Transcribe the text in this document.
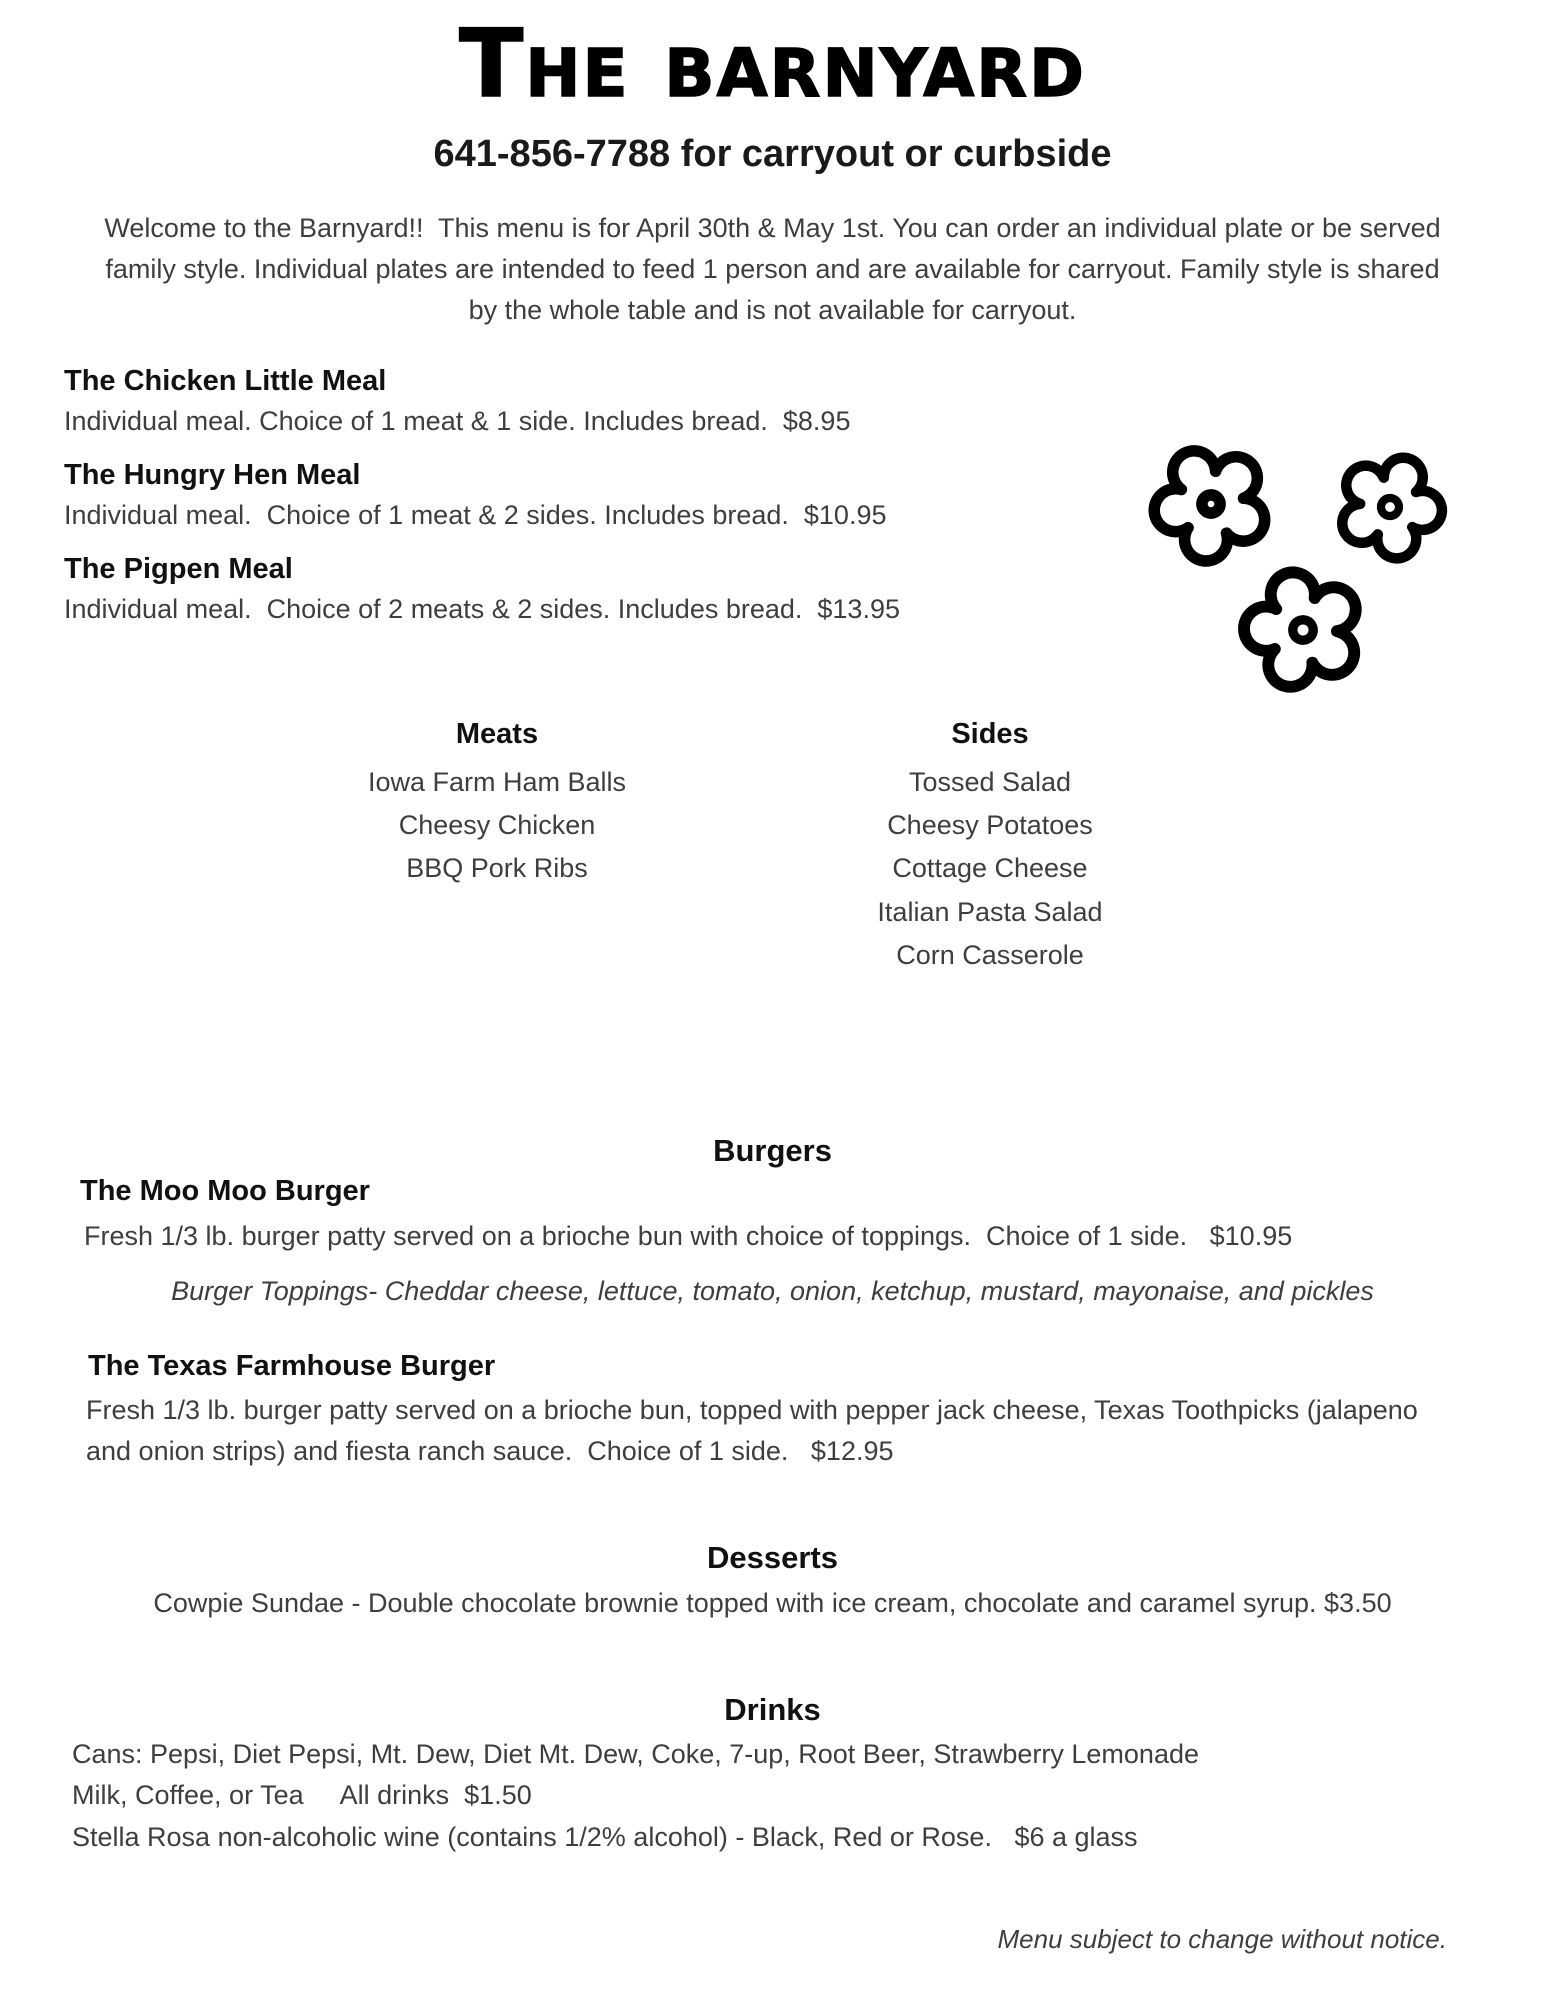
The barnyard
641-856-7788 for carryout or curbside
Welcome to the Barnyard!!  This menu is for April 30th & May 1st. You can order an individual plate or be served family style. Individual plates are intended to feed 1 person and are available for carryout. Family style is shared by the whole table and is not available for carryout.
The Chicken Little Meal
Individual meal. Choice of 1 meat & 1 side. Includes bread.  $8.95
The Hungry Hen Meal
Individual meal.  Choice of 1 meat & 2 sides. Includes bread.  $10.95
The Pigpen Meal
Individual meal.  Choice of 2 meats & 2 sides. Includes bread.  $13.95
Meats
Iowa Farm Ham Balls
Cheesy Chicken
BBQ Pork Ribs
Sides
Tossed Salad
Cheesy Potatoes
Cottage Cheese
Italian Pasta Salad
Corn Casserole
Burgers
The Moo Moo Burger
Fresh 1/3 lb. burger patty served on a brioche bun with choice of toppings.  Choice of 1 side.   $10.95
Burger Toppings- Cheddar cheese, lettuce, tomato, onion, ketchup, mustard, mayonaise, and pickles
The Texas Farmhouse Burger
Fresh 1/3 lb. burger patty served on a brioche bun, topped with pepper jack cheese, Texas Toothpicks (jalapeno and onion strips) and fiesta ranch sauce.  Choice of 1 side.   $12.95
Desserts
Cowpie Sundae - Double chocolate brownie topped with ice cream, chocolate and caramel syrup. $3.50
Drinks
Cans: Pepsi, Diet Pepsi, Mt. Dew, Diet Mt. Dew, Coke, 7-up, Root Beer, Strawberry Lemonade
Milk, Coffee, or Tea     All drinks  $1.50
Stella Rosa non-alcoholic wine (contains 1/2% alcohol) - Black, Red or Rose.   $6 a glass
Menu subject to change without notice.
